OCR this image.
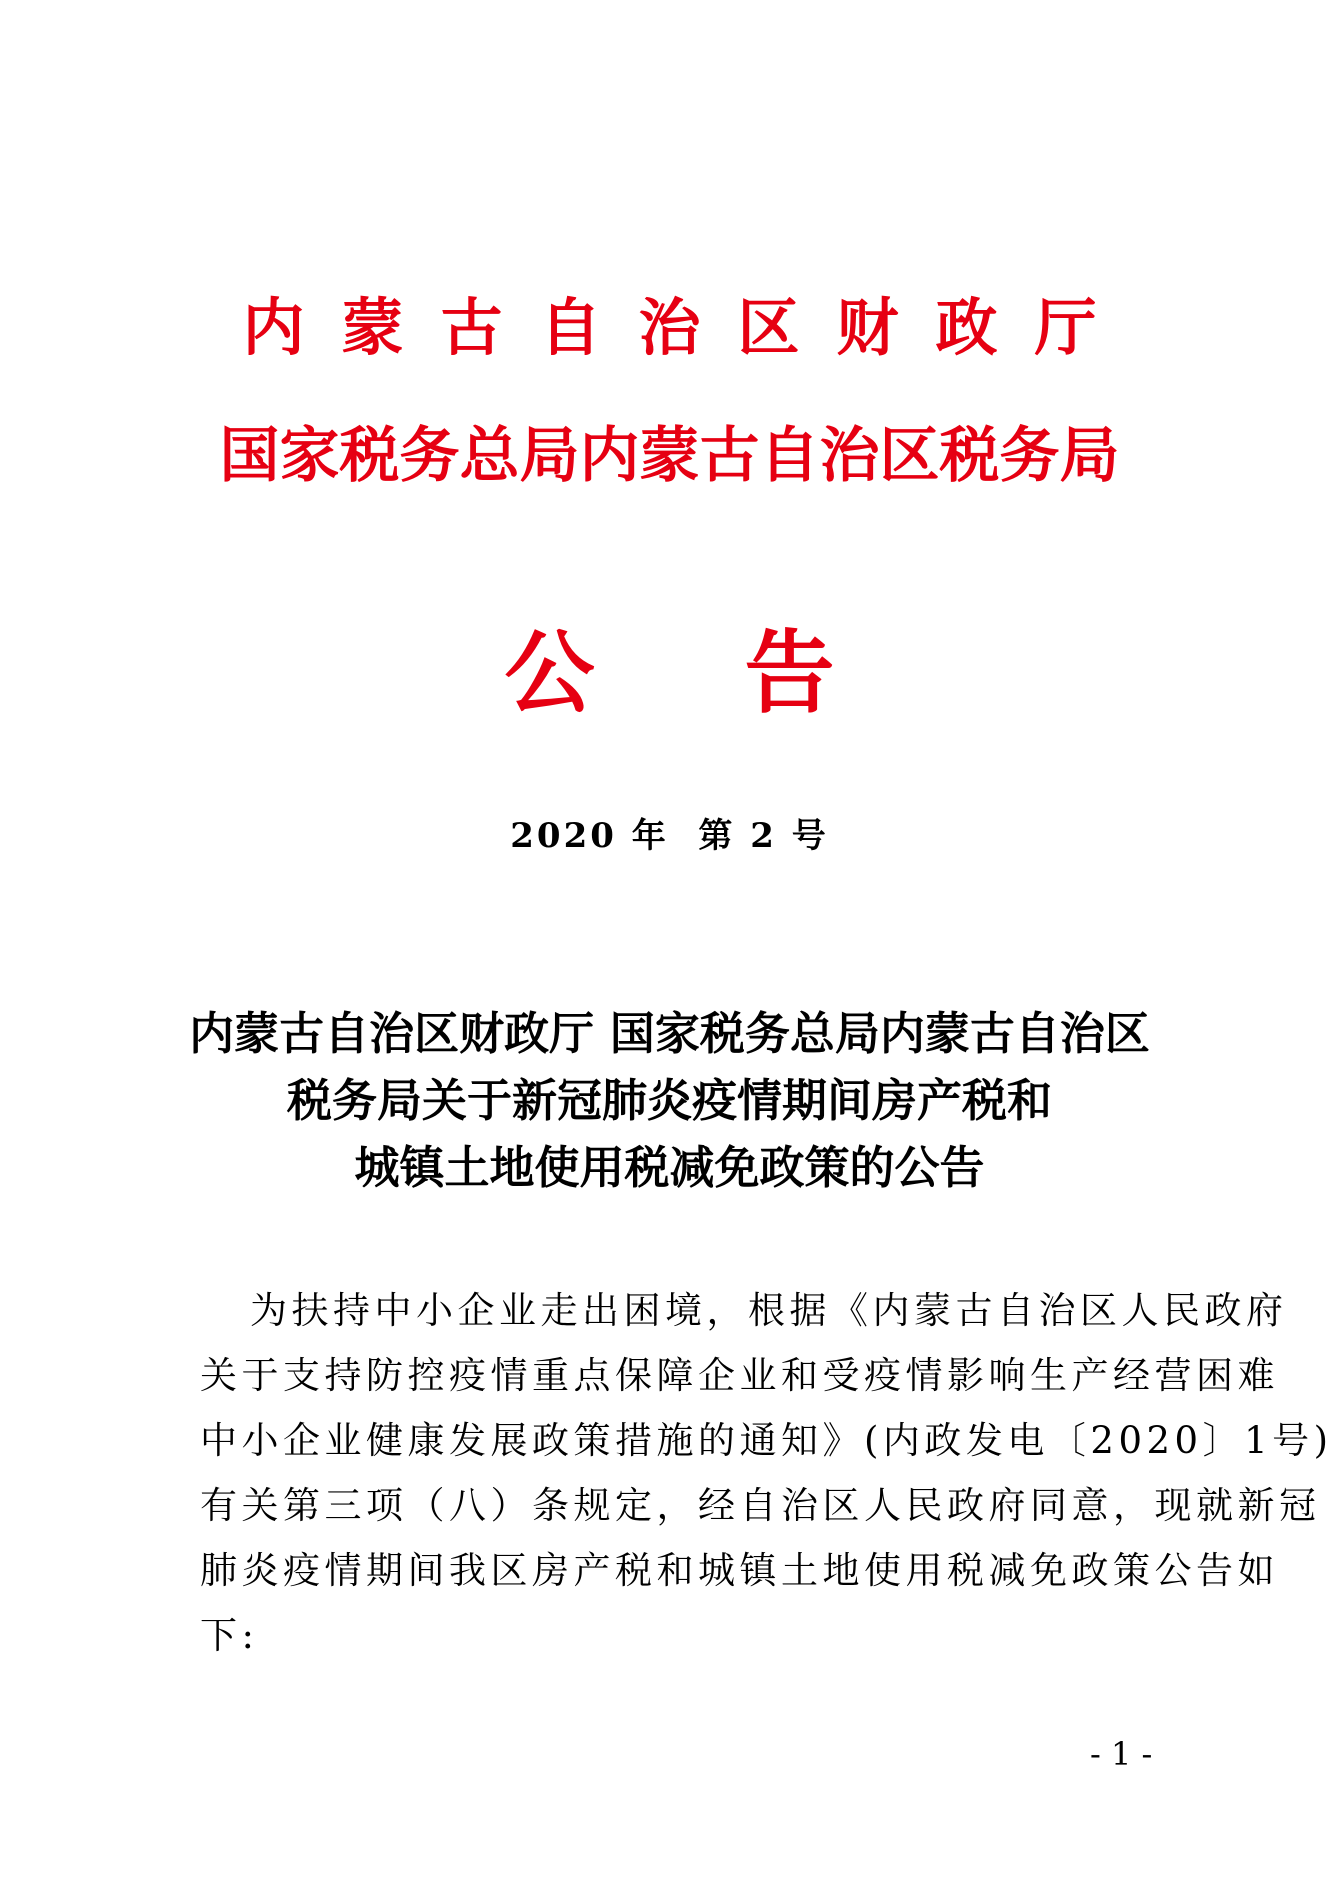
内蒙古自治区财政厅
国家税务总局内蒙古自治区税务局
公告
2020 年  第 2 号
内蒙古自治区财政厅 国家税务总局内蒙古自治区
税务局关于新冠肺炎疫情期间房产税和
城镇土地使用税减免政策的公告
为扶持中小企业走出困境，根据《内蒙古自治区人民政府
关于支持防控疫情重点保障企业和受疫情影响生产经营困难
中小企业健康发展政策措施的通知》(内政发电〔2020〕1号)
有关第三项（八）条规定，经自治区人民政府同意，现就新冠
肺炎疫情期间我区房产税和城镇土地使用税减免政策公告如
下:
- 1 -
